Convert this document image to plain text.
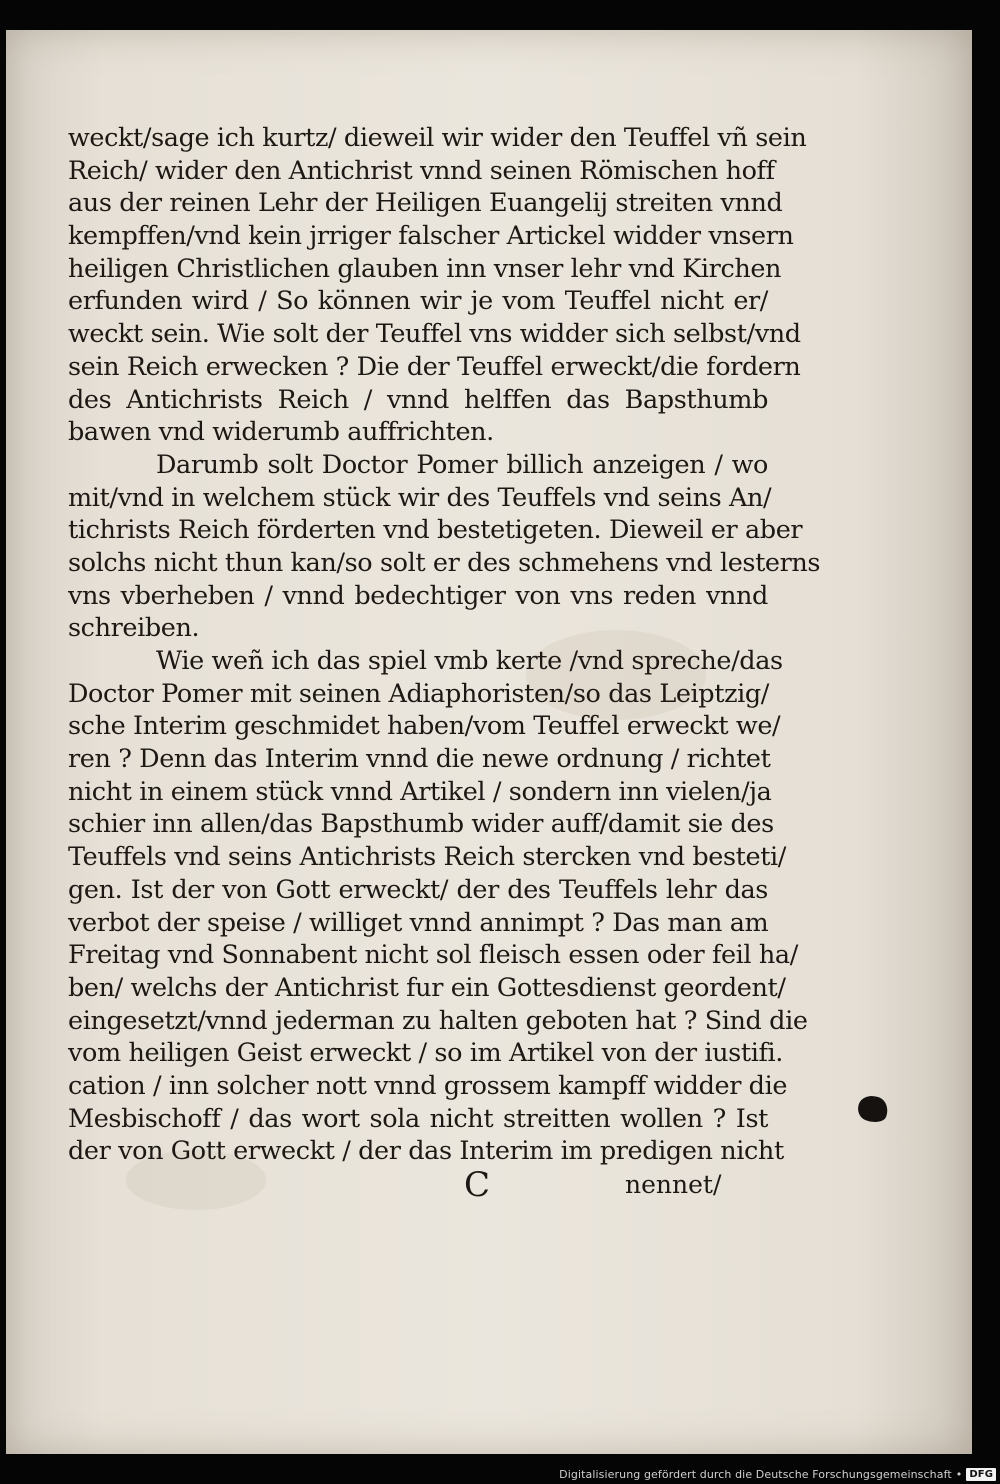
weckt/sage ich kurtz/ dieweil wir wider den Teuffel vñ sein
Reich/ wider den Antichrist vnnd seinen Römischen hoff
aus der reinen Lehr der Heiligen Euangelij streiten vnnd
kempffen/vnd kein jrriger falscher Artickel widder vnsern
heiligen Christlichen glauben inn vnser lehr vnd Kirchen
erfunden wird / So können wir je vom Teuffel nicht er/
weckt sein. Wie solt der Teuffel vns widder sich selbst/vnd
sein Reich erwecken ? Die der Teuffel erweckt/die fordern
des Antichrists Reich / vnnd helffen das Bapsthumb
bawen vnd widerumb auffrichten.
Darumb solt Doctor Pomer billich anzeigen / wo
mit/vnd in welchem stück wir des Teuffels vnd seins An/
tichrists Reich förderten vnd bestetigeten. Dieweil er aber
solchs nicht thun kan/so solt er des schmehens vnd lesterns
vns vberheben / vnnd bedechtiger von vns reden vnnd
schreiben.
Wie weñ ich das spiel vmb kerte /vnd spreche/das
Doctor Pomer mit seinen Adiaphoristen/so das Leiptzig/
sche Interim geschmidet haben/vom Teuffel erweckt we/
ren ? Denn das Interim vnnd die newe ordnung / richtet
nicht in einem stück vnnd Artikel / sondern inn vielen/ja
schier inn allen/das Bapsthumb wider auff/damit sie des
Teuffels vnd seins Antichrists Reich stercken vnd besteti/
gen. Ist der von Gott erweckt/ der des Teuffels lehr das
verbot der speise / williget vnnd annimpt ? Das man am
Freitag vnd Sonnabent nicht sol fleisch essen oder feil ha/
ben/ welchs der Antichrist fur ein Gottesdienst geordent/
eingesetzt/vnnd jederman zu halten geboten hat ? Sind die
vom heiligen Geist erweckt / so im Artikel von der iustifi.
cation / inn solcher nott vnnd grossem kampff widder die
Mesbischoff / das wort sola nicht streitten wollen ? Ist
der von Gott erweckt / der das Interim im predigen nicht
C	nennet/
Digitalisierung gefördert durch die Deutsche Forschungsgemeinschaft • DFG
